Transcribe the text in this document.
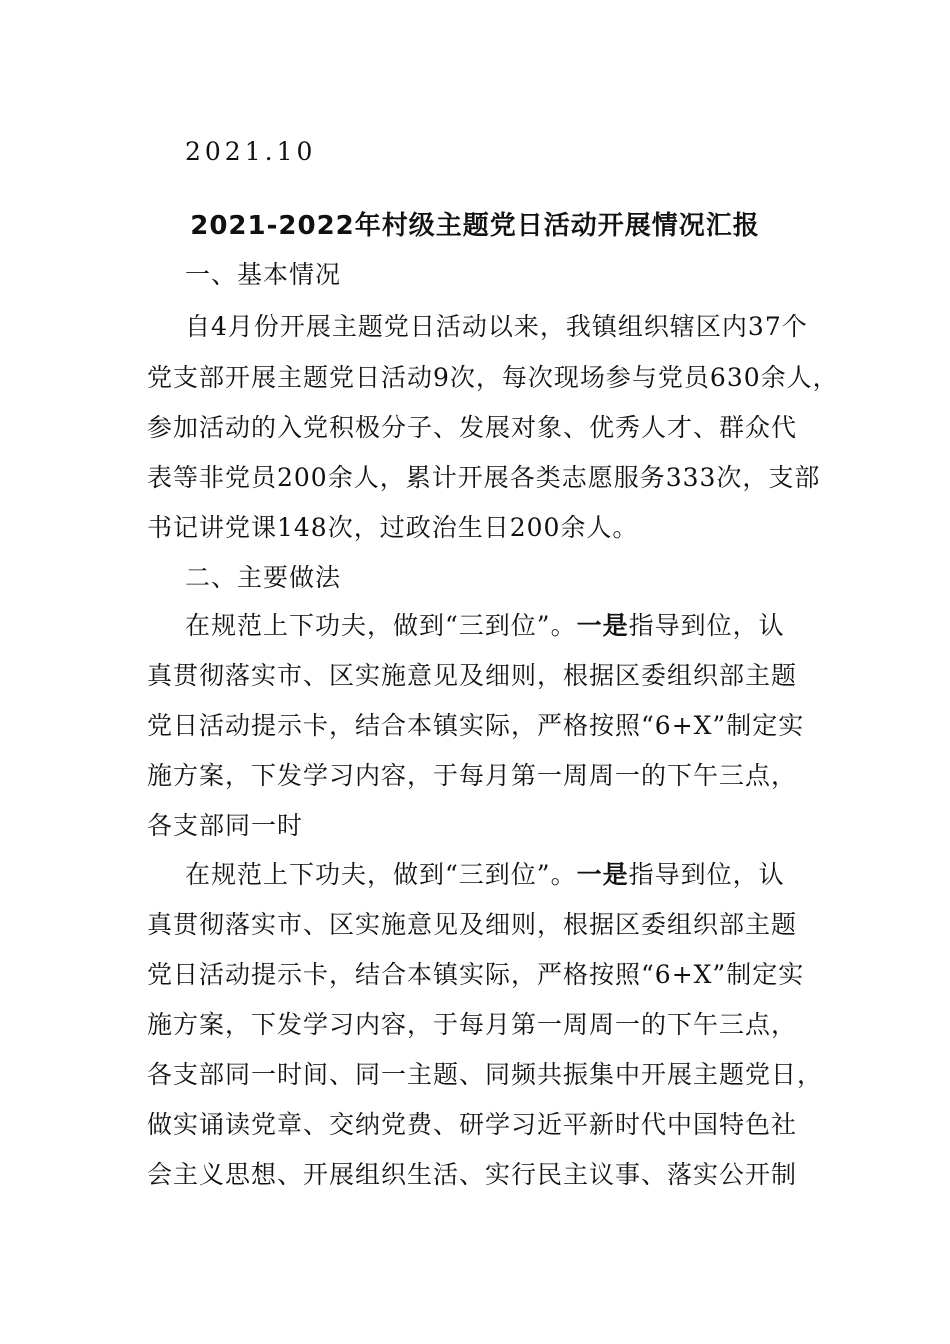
2021.10
2021-2022年村级主题党日活动开展情况汇报
一、基本情况
自4月份开展主题党日活动以来，我镇组织辖区内37个
党支部开展主题党日活动9次，每次现场参与党员630余人，
参加活动的入党积极分子、发展对象、优秀人才、群众代
表等非党员200余人，累计开展各类志愿服务333次，支部
书记讲党课148次，过政治生日200余人。
二、主要做法
在规范上下功夫，做到“三到位”。一是指导到位，认
真贯彻落实市、区实施意见及细则，根据区委组织部主题
党日活动提示卡，结合本镇实际，严格按照“6+X”制定实
施方案，下发学习内容，于每月第一周周一的下午三点，
各支部同一时
在规范上下功夫，做到“三到位”。一是指导到位，认
真贯彻落实市、区实施意见及细则，根据区委组织部主题
党日活动提示卡，结合本镇实际，严格按照“6+X”制定实
施方案，下发学习内容，于每月第一周周一的下午三点，
各支部同一时间、同一主题、同频共振集中开展主题党日，
做实诵读党章、交纳党费、研学习近平新时代中国特色社
会主义思想、开展组织生活、实行民主议事、落实公开制
